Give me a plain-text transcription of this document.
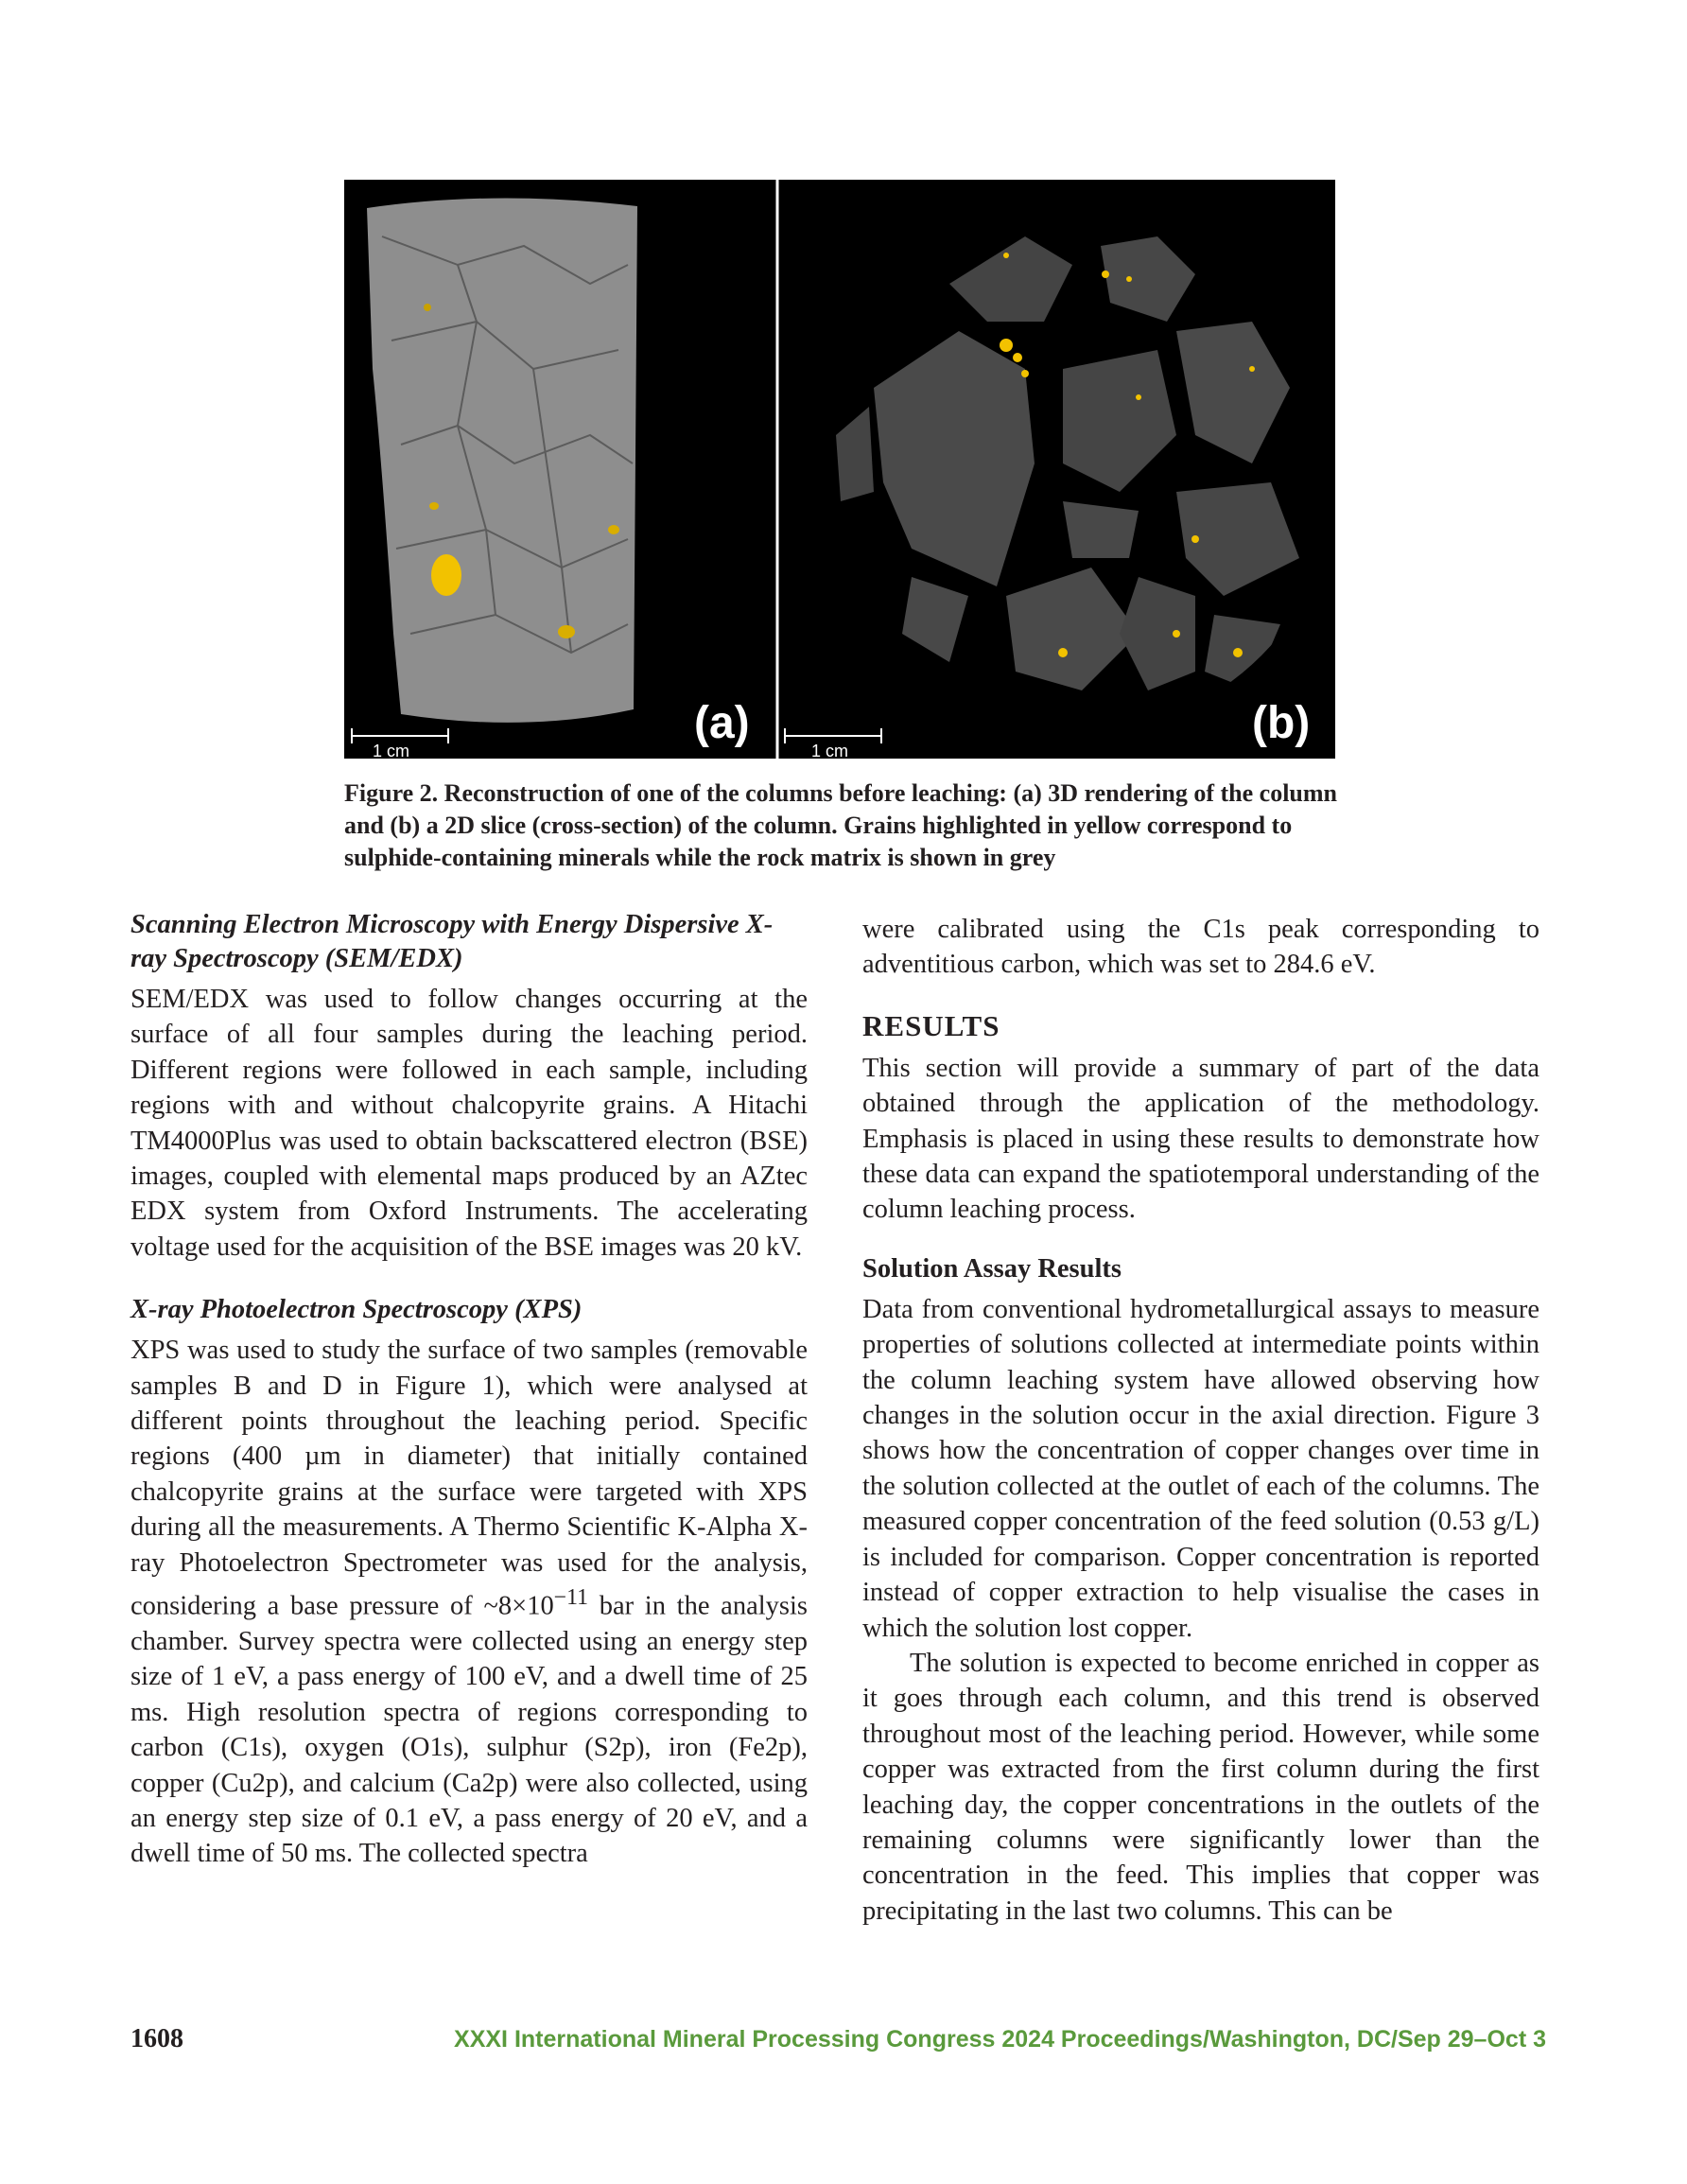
1 cm
(a)
1 cm
(b)

Figure 2. Reconstruction of one of the columns before leaching: (a) 3D rendering of the column and (b) a 2D slice (cross-section) of the column. Grains highlighted in yellow correspond to sulphide-containing minerals while the rock matrix is shown in grey

Scanning Electron Microscopy with Energy Dispersive X-ray Spectroscopy (SEM/EDX)

SEM/EDX was used to follow changes occurring at the surface of all four samples during the leaching period. Different regions were followed in each sample, including regions with and without chalcopyrite grains. A Hitachi TM4000Plus was used to obtain backscattered electron (BSE) images, coupled with elemental maps produced by an AZtec EDX system from Oxford Instruments. The accelerating voltage used for the acquisition of the BSE images was 20 kV.

X-ray Photoelectron Spectroscopy (XPS)

XPS was used to study the surface of two samples (removable samples B and D in Figure 1), which were analysed at different points throughout the leaching period. Specific regions (400 µm in diameter) that initially contained chalcopyrite grains at the surface were targeted with XPS during all the measurements. A Thermo Scientific K-Alpha X-ray Photoelectron Spectrometer was used for the analysis, considering a base pressure of $\sim 8\times 10^{-11}$ bar in the analysis chamber. Survey spectra were collected using an energy step size of 1 eV, a pass energy of 100 eV, and a dwell time of 25 ms. High resolution spectra of regions corresponding to carbon (C1s), oxygen (O1s), sulphur (S2p), iron (Fe2p), copper (Cu2p), and calcium (Ca2p) were also collected, using an energy step size of 0.1 eV, a pass energy of 20 eV, and a dwell time of 50 ms. The collected spectra

were calibrated using the C1s peak corresponding to adventitious carbon, which was set to 284.6 eV.

RESULTS

This section will provide a summary of part of the data obtained through the application of the methodology. Emphasis is placed in using these results to demonstrate how these data can expand the spatiotemporal understanding of the column leaching process.

Solution Assay Results

Data from conventional hydrometallurgical assays to measure properties of solutions collected at intermediate points within the column leaching system have allowed observing how changes in the solution occur in the axial direction. Figure 3 shows how the concentration of copper changes over time in the solution collected at the outlet of each of the columns. The measured copper concentration of the feed solution (0.53 g/L) is included for comparison. Copper concentration is reported instead of copper extraction to help visualise the cases in which the solution lost copper.

The solution is expected to become enriched in copper as it goes through each column, and this trend is observed throughout most of the leaching period. However, while some copper was extracted from the first column during the first leaching day, the copper concentrations in the outlets of the remaining columns were significantly lower than the concentration in the feed. This implies that copper was precipitating in the last two columns. This can be

1608	XXXI International Mineral Processing Congress 2024 Proceedings/Washington, DC/Sep 29–Oct 3
